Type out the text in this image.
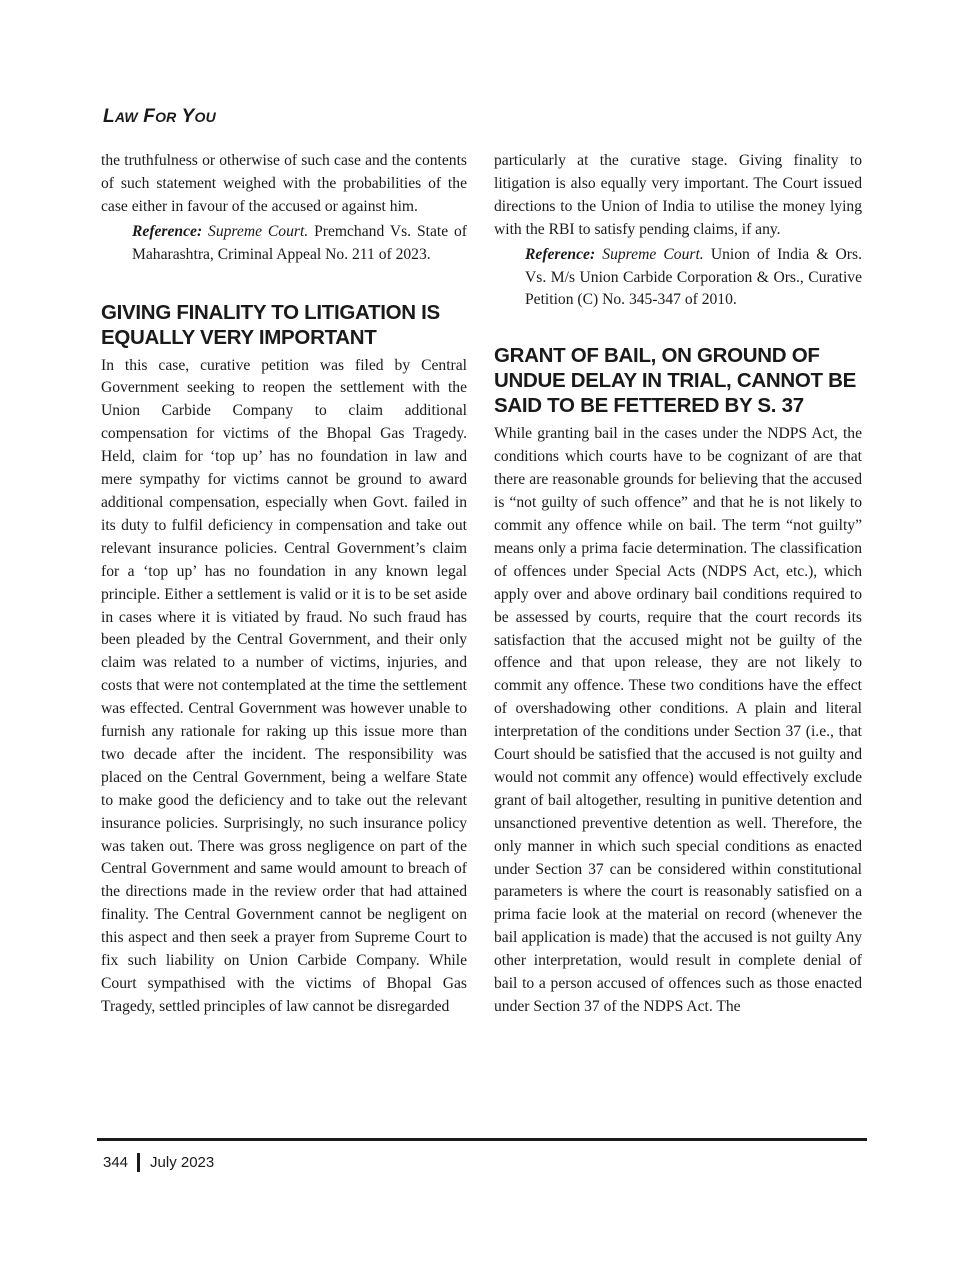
LAW FOR YOU

the truthfulness or otherwise of such case and the contents of such statement weighed with the probabilities of the case either in favour of the accused or against him.

Reference: Supreme Court. Premchand Vs. State of Maharashtra, Criminal Appeal No. 211 of 2023.

GIVING FINALITY TO LITIGATION IS EQUALLY VERY IMPORTANT

In this case, curative petition was filed by Central Government seeking to reopen the settlement with the Union Carbide Company to claim additional compensation for victims of the Bhopal Gas Tragedy. Held, claim for ‘top up’ has no foundation in law and mere sympathy for victims cannot be ground to award additional compensation, especially when Govt. failed in its duty to fulfil deficiency in compensation and take out relevant insurance policies. Central Government’s claim for a ‘top up’ has no foundation in any known legal principle. Either a settlement is valid or it is to be set aside in cases where it is vitiated by fraud. No such fraud has been pleaded by the Central Government, and their only claim was related to a number of victims, injuries, and costs that were not contemplated at the time the settlement was effected. Central Government was however unable to furnish any rationale for raking up this issue more than two decade after the incident. The responsibility was placed on the Central Government, being a welfare State to make good the deficiency and to take out the relevant insurance policies. Surprisingly, no such insurance policy was taken out. There was gross negligence on part of the Central Government and same would amount to breach of the directions made in the review order that had attained finality. The Central Government cannot be negligent on this aspect and then seek a prayer from Supreme Court to fix such liability on Union Carbide Company. While Court sympathised with the victims of Bhopal Gas Tragedy, settled principles of law cannot be disregarded

particularly at the curative stage. Giving finality to litigation is also equally very important. The Court issued directions to the Union of India to utilise the money lying with the RBI to satisfy pending claims, if any.

Reference: Supreme Court. Union of India & Ors. Vs. M/s Union Carbide Corporation & Ors., Curative Petition (C) No. 345-347 of 2010.

GRANT OF BAIL, ON GROUND OF UNDUE DELAY IN TRIAL, CANNOT BE SAID TO BE FETTERED BY S. 37

While granting bail in the cases under the NDPS Act, the conditions which courts have to be cognizant of are that there are reasonable grounds for believing that the accused is “not guilty of such offence” and that he is not likely to commit any offence while on bail. The term “not guilty” means only a prima facie determination. The classification of offences under Special Acts (NDPS Act, etc.), which apply over and above ordinary bail conditions required to be assessed by courts, require that the court records its satisfaction that the accused might not be guilty of the offence and that upon release, they are not likely to commit any offence. These two conditions have the effect of overshadowing other conditions. A plain and literal interpretation of the conditions under Section 37 (i.e., that Court should be satisfied that the accused is not guilty and would not commit any offence) would effectively exclude grant of bail altogether, resulting in punitive detention and unsanctioned preventive detention as well. Therefore, the only manner in which such special conditions as enacted under Section 37 can be considered within constitutional parameters is where the court is reasonably satisfied on a prima facie look at the material on record (whenever the bail application is made) that the accused is not guilty Any other interpretation, would result in complete denial of bail to a person accused of offences such as those enacted under Section 37 of the NDPS Act. The

344 July 2023
